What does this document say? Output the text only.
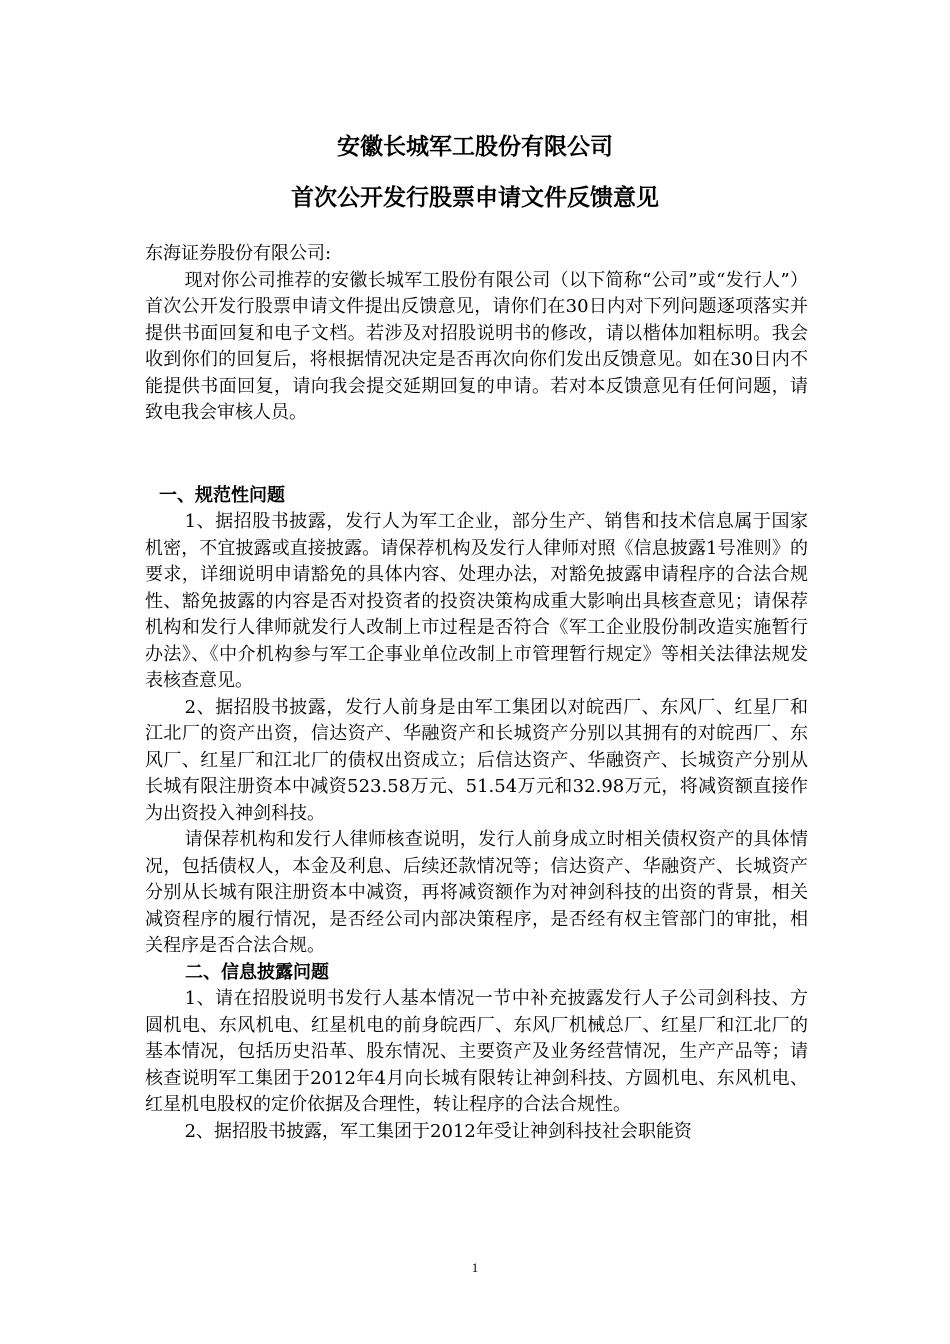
安徽长城军工股份有限公司
首次公开发行股票申请文件反馈意见

东海证券股份有限公司:

现对你公司推荐的安徽长城军工股份有限公司（以下简称“公司”或“发行人”）首次公开发行股票申请文件提出反馈意见，请你们在30日内对下列问题逐项落实并提供书面回复和电子文档。若涉及对招股说明书的修改，请以楷体加粗标明。我会收到你们的回复后，将根据情况决定是否再次向你们发出反馈意见。如在30日内不能提供书面回复，请向我会提交延期回复的申请。若对本反馈意见有任何问题，请致电我会审核人员。

一、规范性问题

1、据招股书披露，发行人为军工企业，部分生产、销售和技术信息属于国家机密，不宜披露或直接披露。请保荐机构及发行人律师对照《信息披露1号准则》的要求，详细说明申请豁免的具体内容、处理办法，对豁免披露申请程序的合法合规性、豁免披露的内容是否对投资者的投资决策构成重大影响出具核查意见；请保荐机构和发行人律师就发行人改制上市过程是否符合《军工企业股份制改造实施暂行办法》、《中介机构参与军工企事业单位改制上市管理暂行规定》等相关法律法规发表核查意见。

2、据招股书披露，发行人前身是由军工集团以对皖西厂、东风厂、红星厂和江北厂的资产出资，信达资产、华融资产和长城资产分别以其拥有的对皖西厂、东风厂、红星厂和江北厂的债权出资成立；后信达资产、华融资产、长城资产分别从长城有限注册资本中减资523.58万元、51.54万元和32.98万元，将减资额直接作为出资投入神剑科技。

请保荐机构和发行人律师核查说明，发行人前身成立时相关债权资产的具体情况，包括债权人，本金及利息、后续还款情况等；信达资产、华融资产、长城资产分别从长城有限注册资本中减资，再将减资额作为对神剑科技的出资的背景，相关减资程序的履行情况，是否经公司内部决策程序，是否经有权主管部门的审批，相关程序是否合法合规。

二、信息披露问题

1、请在招股说明书发行人基本情况一节中补充披露发行人子公司剑科技、方圆机电、东风机电、红星机电的前身皖西厂、东风厂机械总厂、红星厂和江北厂的基本情况，包括历史沿革、股东情况、主要资产及业务经营情况，生产产品等；请核查说明军工集团于2012年4月向长城有限转让神剑科技、方圆机电、东风机电、红星机电股权的定价依据及合理性，转让程序的合法合规性。

2、据招股书披露，军工集团于2012年受让神剑科技社会职能资

1
